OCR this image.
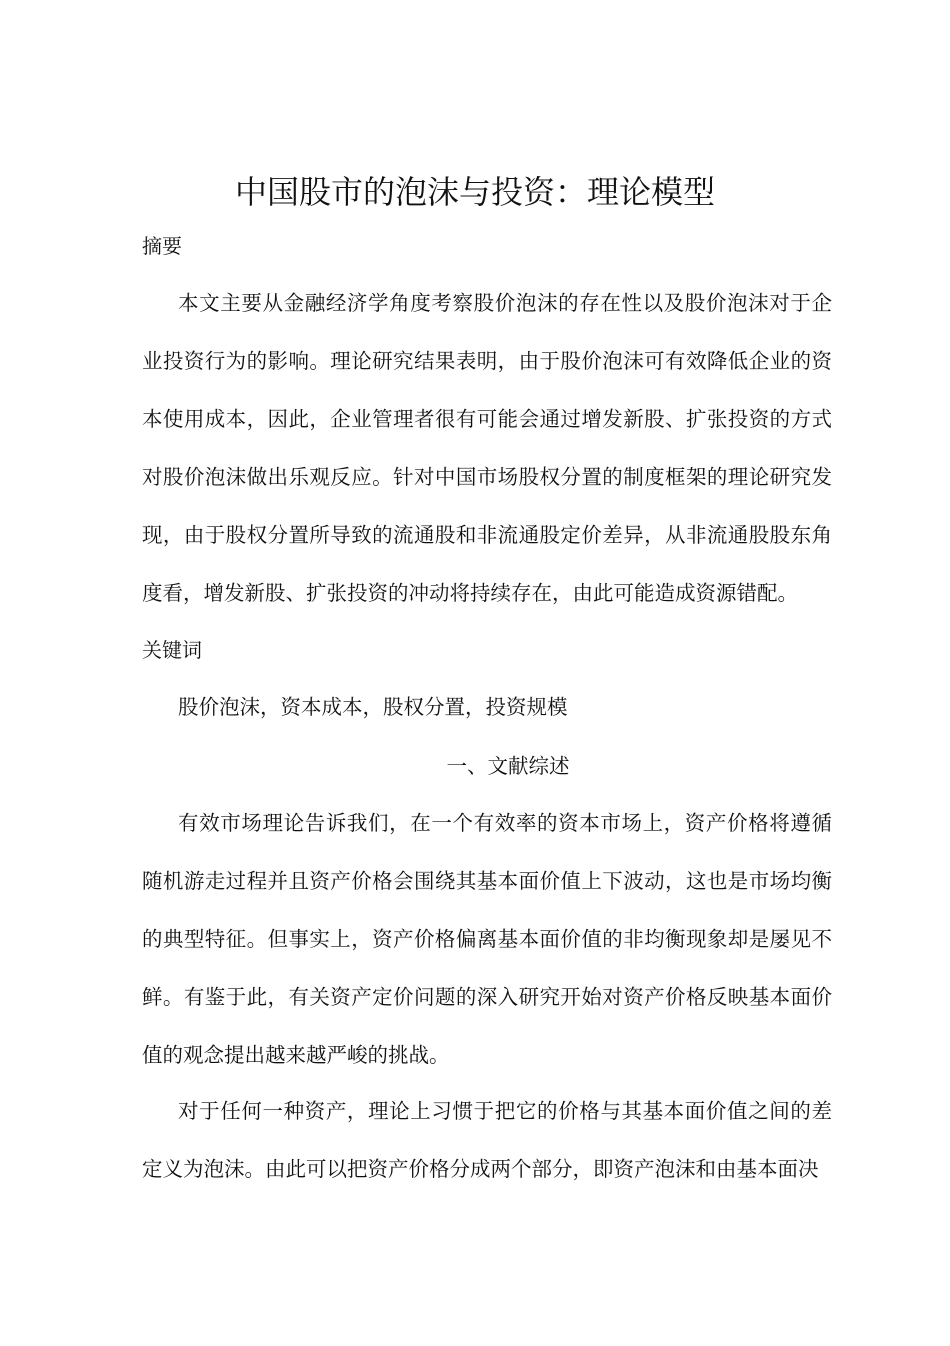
中国股市的泡沫与投资：理论模型

摘要

本文主要从金融经济学角度考察股价泡沫的存在性以及股价泡沫对于企业投资行为的影响。理论研究结果表明，由于股价泡沫可有效降低企业的资本使用成本，因此，企业管理者很有可能会通过增发新股、扩张投资的方式对股价泡沫做出乐观反应。针对中国市场股权分置的制度框架的理论研究发现，由于股权分置所导致的流通股和非流通股定价差异，从非流通股股东角度看，增发新股、扩张投资的冲动将持续存在，由此可能造成资源错配。

关键词

股价泡沫，资本成本，股权分置，投资规模

一、文献综述

有效市场理论告诉我们，在一个有效率的资本市场上，资产价格将遵循随机游走过程并且资产价格会围绕其基本面价值上下波动，这也是市场均衡的典型特征。但事实上，资产价格偏离基本面价值的非均衡现象却是屡见不鲜。有鉴于此，有关资产定价问题的深入研究开始对资产价格反映基本面价值的观念提出越来越严峻的挑战。

对于任何一种资产，理论上习惯于把它的价格与其基本面价值之间的差定义为泡沫。由此可以把资产价格分成两个部分，即资产泡沫和由基本面决
